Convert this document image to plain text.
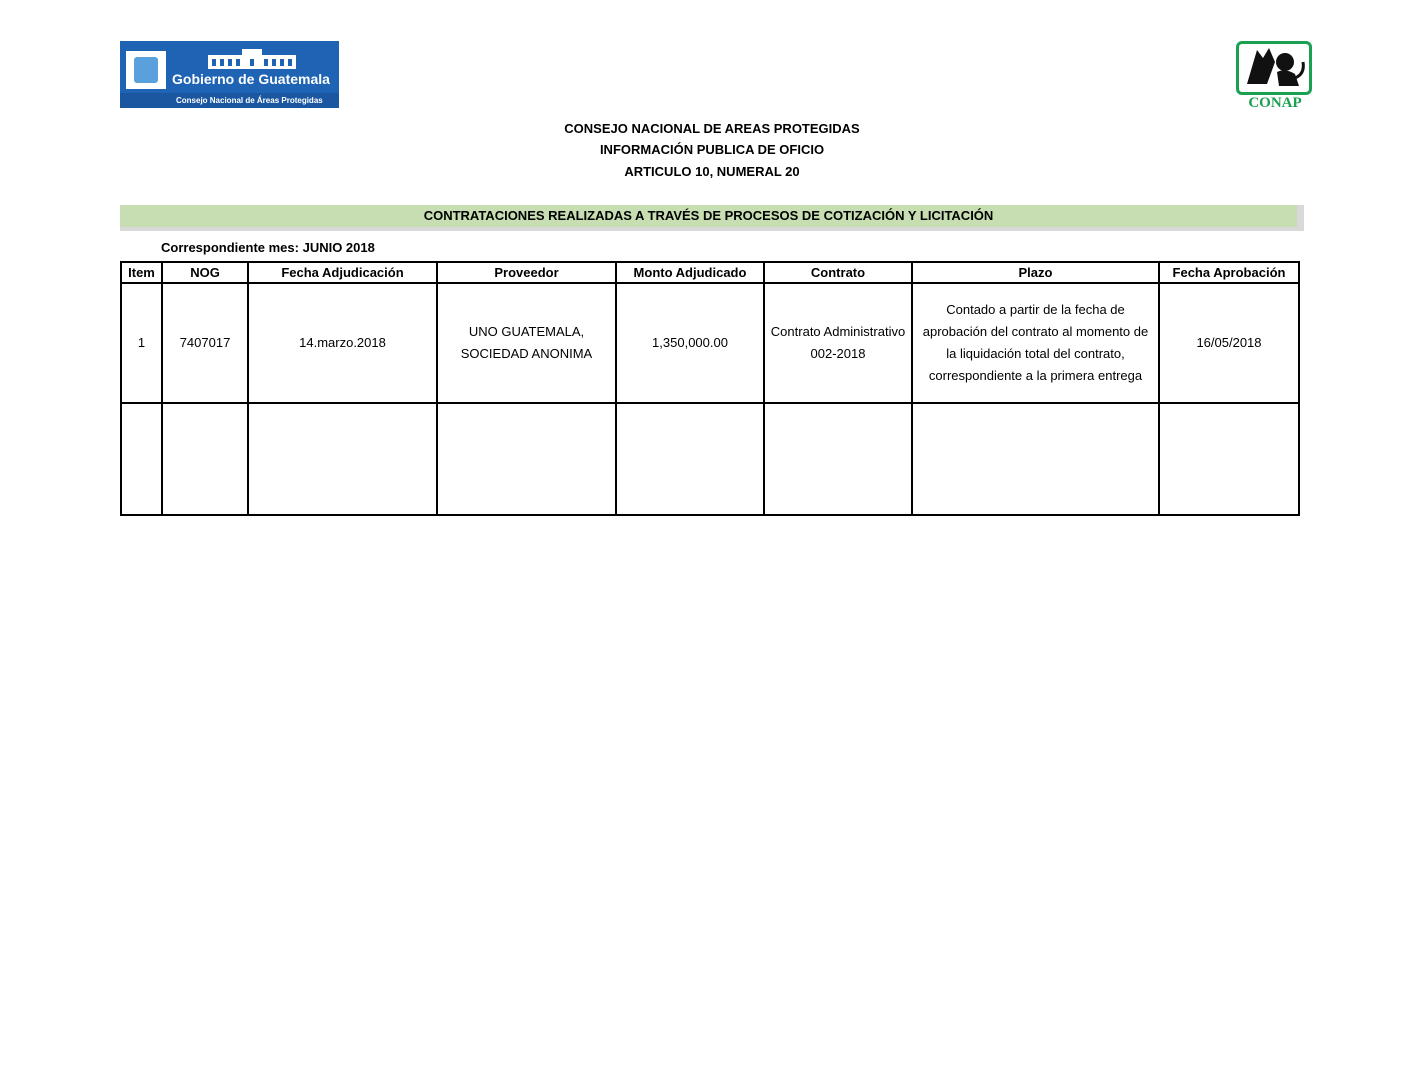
Gobierno de Guatemala
Consejo Nacional de Áreas Protegidas	CONAP
CONSEJO NACIONAL DE AREAS PROTEGIDAS
INFORMACIÓN PUBLICA DE OFICIO
ARTICULO 10, NUMERAL 20
CONTRATACIONES REALIZADAS A TRAVÉS DE PROCESOS DE COTIZACIÓN Y LICITACIÓN
Correspondiente mes: JUNIO 2018
Item	NOG	Fecha Adjudicación	Proveedor	Monto Adjudicado	Contrato	Plazo	Fecha Aprobación
1	7407017	14.marzo.2018	UNO GUATEMALA, SOCIEDAD ANONIMA	1,350,000.00	Contrato Administrativo 002-2018	Contado a partir de la fecha de aprobación del contrato al momento de la liquidación total del contrato, correspondiente a la primera entrega	16/05/2018
